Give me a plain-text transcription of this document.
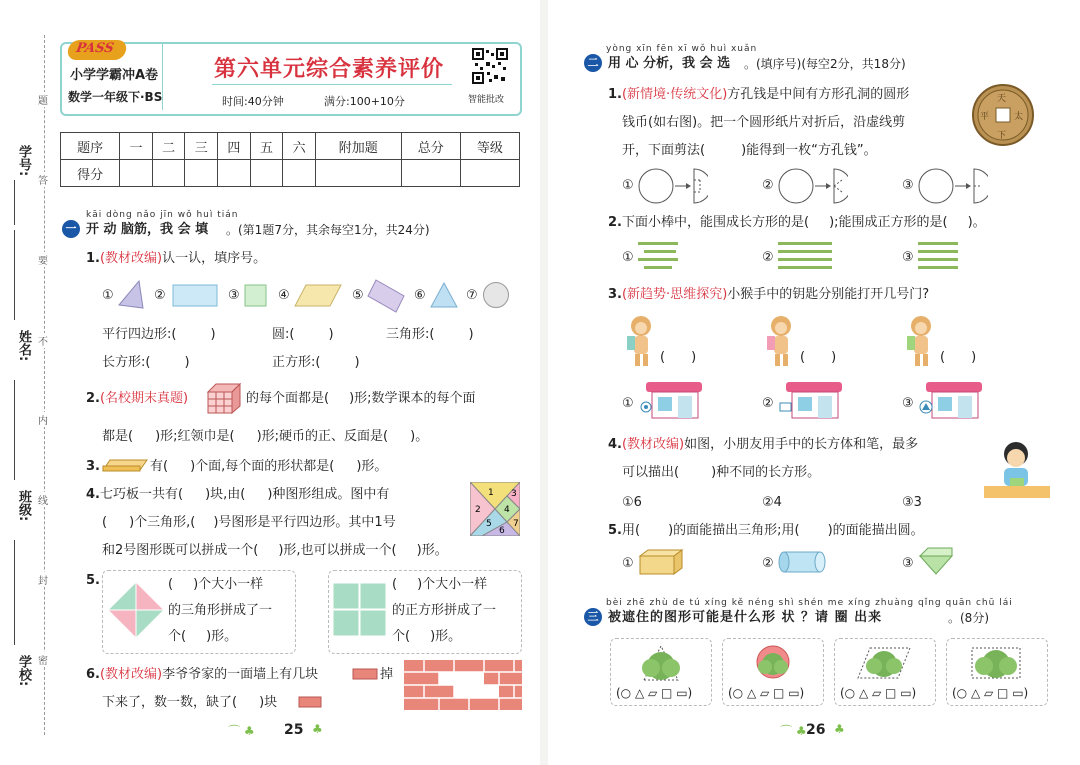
学号:
姓名:
班级:
学校:
题
答
要
不
内
线
封
密
PASS
小学学霸冲A卷
数学一年级下·BS
第六单元综合素养评价
时间:40分钟	满分:100+10分	智能批改
题序	一	二	三	四	五	六	附加题	总分	等级
得分									
kāi dòng nǎo jīn wǒ huì tián
一 开 动 脑筋，我 会 填 。(第1题7分，其余每空1分，共24分)
1.(教材改编)认一认，填序号。
①	②	③	④	⑤	⑥	⑦
平行四边形:(	)	圆:(	)	三角形:(	)
长方形:(	)	正方形:(	)
2.(名校期末真题)	的每个面都是( )形;数学课本的每个面
都是( )形;红领巾是( )形;硬币的正、反面是( )。
3.	有( )个面,每个面的形状都是( )形。
4.七巧板一共有( )块,由( )种图形组成。图中有
( )个三角形,( )号图形是平行四边形。其中1号
和2号图形既可以拼成一个( )形,也可以拼成一个( )形。
1
2
3
4
5
6
7
5.	( )个大小一样
的三角形拼成了一
个( )形。
( )个大小一样
的正方形拼成了一
个( )形。
6.(教材改编)李爷爷家的一面墙上有几块	掉
下来了，数一数，缺了( )块
⌒ ♣ 25 ♣
yòng xīn fēn xī wǒ huì xuǎn
二 用 心 分析，我 会 选 。(填序号)(每空2分，共18分)
1.(新情境·传统文化)方孔钱是中间有方形孔洞的圆形
钱币(如右图)。把一个圆形纸片对折后，沿虚线剪
开，下面剪法(	)能得到一枚“方孔钱”。
天
下
太
平
①	②	③
2.下面小棒中，能围成长方形的是( );能围成正方形的是( )。
①	②	③
3.(新趋势·思维探究)小猴手中的钥匙分别能打开几号门?
( )	( )	( )
①	②	③
4.(教材改编)如图，小朋友用手中的长方体和笔，最多
可以描出( )种不同的长方形。
①6	②4	③3
5.用( )的面能描出三角形;用( )的面能描出圆。
①	②	③
bèi zhē zhù de tú xíng kě néng shì shén me xíng zhuàng qǐng quān chū lái
三 被遮住的图形可能是什么形 状 ？请 圈 出来	。(8分)
(○ △ ▱ □ ▭)	(○ △ ▱ □ ▭)	(○ △ ▱ □ ▭)	(○ △ ▱ □ ▭)
⌒ ♣ 26 ♣
